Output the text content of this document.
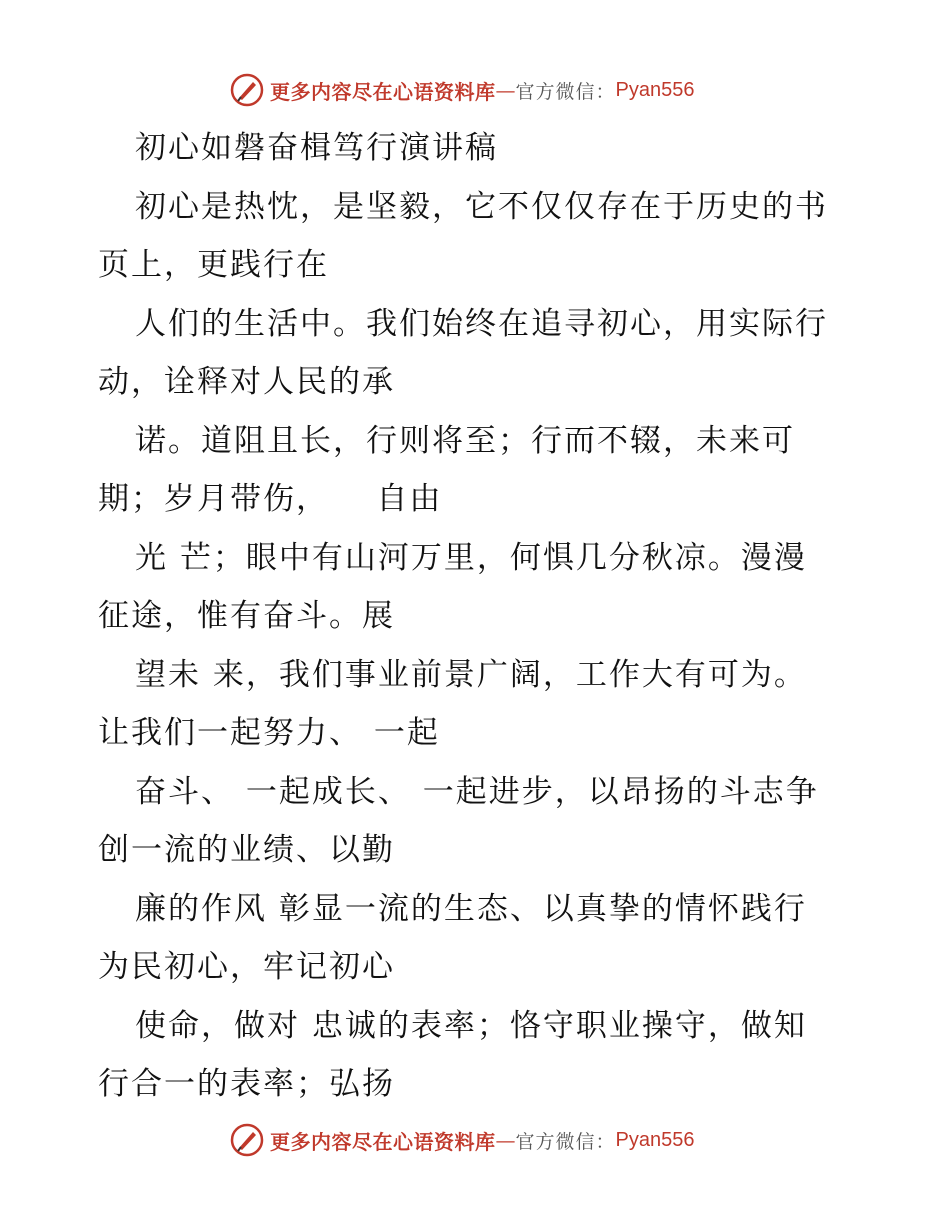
更多内容尽在心语资料库 — 官方微信： Pyan556
初心如磐奋楫笃行演讲稿
初心是热忱，是坚毅，它不仅仅存在于历史的书
页上，更践行在
人们的生活中。我们始终在追寻初心，用实际行
动，诠释对人民的承
诺。道阻且长，行则将至；行而不辍，未来可
期；岁月带伤，    自由
光 芒；眼中有山河万里，何惧几分秋凉。漫漫
征途，惟有奋斗。展
望未 来，我们事业前景广阔，工作大有可为。
让我们一起努力、 一起
奋斗、 一起成长、 一起进步，以昂扬的斗志争
创一流的业绩、以勤
廉的作风 彰显一流的生态、以真挚的情怀践行
为民初心，牢记初心
使命，做对 忠诚的表率；恪守职业操守，做知
行合一的表率；弘扬
更多内容尽在心语资料库 — 官方微信： Pyan556
